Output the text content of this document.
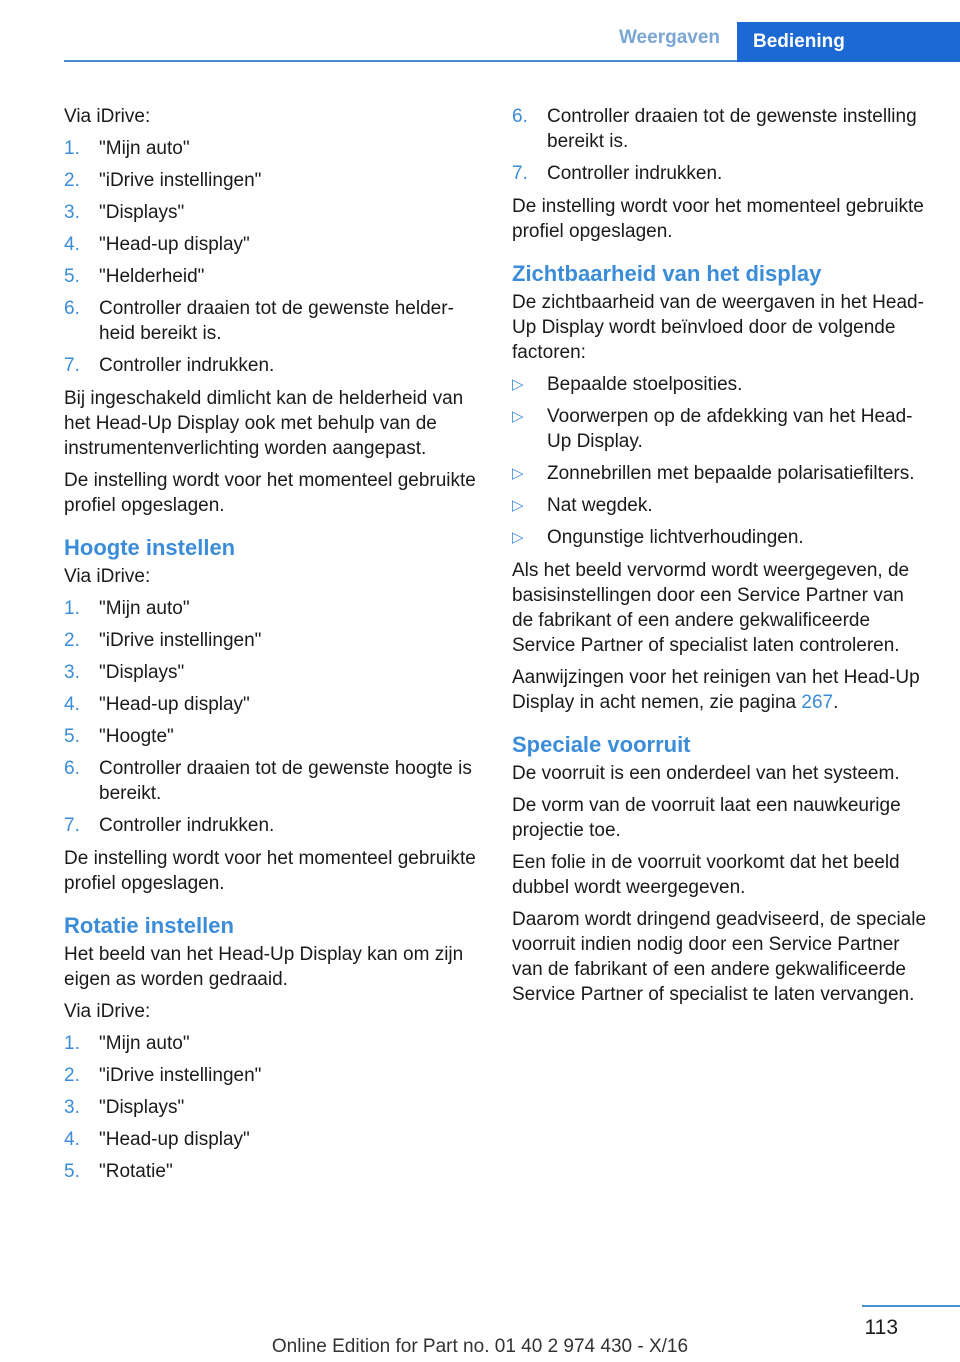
Weergaven	Bediening

Via iDrive:

1. "Mijn auto"
2. "iDrive instellingen"
3. "Displays"
4. "Head-up display"
5. "Helderheid"
6. Controller draaien tot de gewenste helderheid bereikt is.
7. Controller indrukken.

Bij ingeschakeld dimlicht kan de helderheid van het Head-Up Display ook met behulp van de instrumentenverlichting worden aangepast.

De instelling wordt voor het momenteel gebruikte profiel opgeslagen.

Hoogte instellen

Via iDrive:

1. "Mijn auto"
2. "iDrive instellingen"
3. "Displays"
4. "Head-up display"
5. "Hoogte"
6. Controller draaien tot de gewenste hoogte is bereikt.
7. Controller indrukken.

De instelling wordt voor het momenteel gebruikte profiel opgeslagen.

Rotatie instellen

Het beeld van het Head-Up Display kan om zijn eigen as worden gedraaid.

Via iDrive:

1. "Mijn auto"
2. "iDrive instellingen"
3. "Displays"
4. "Head-up display"
5. "Rotatie"
6. Controller draaien tot de gewenste instelling bereikt is.
7. Controller indrukken.

De instelling wordt voor het momenteel gebruikte profiel opgeslagen.

Zichtbaarheid van het display

De zichtbaarheid van de weergaven in het Head-Up Display wordt beïnvloed door de volgende factoren:

▷ Bepaalde stoelposities.
▷ Voorwerpen op de afdekking van het Head-Up Display.
▷ Zonnebrillen met bepaalde polarisatiefilters.
▷ Nat wegdek.
▷ Ongunstige lichtverhoudingen.

Als het beeld vervormd wordt weergegeven, de basisinstellingen door een Service Partner van de fabrikant of een andere gekwalificeerde Service Partner of specialist laten controleren.

Aanwijzingen voor het reinigen van het Head-Up Display in acht nemen, zie pagina 267.

Speciale voorruit

De voorruit is een onderdeel van het systeem.

De vorm van de voorruit laat een nauwkeurige projectie toe.

Een folie in de voorruit voorkomt dat het beeld dubbel wordt weergegeven.

Daarom wordt dringend geadviseerd, de speciale voorruit indien nodig door een Service Partner van de fabrikant of een andere gekwalificeerde Service Partner of specialist te laten vervangen.

113
Online Edition for Part no. 01 40 2 974 430 - X/16
